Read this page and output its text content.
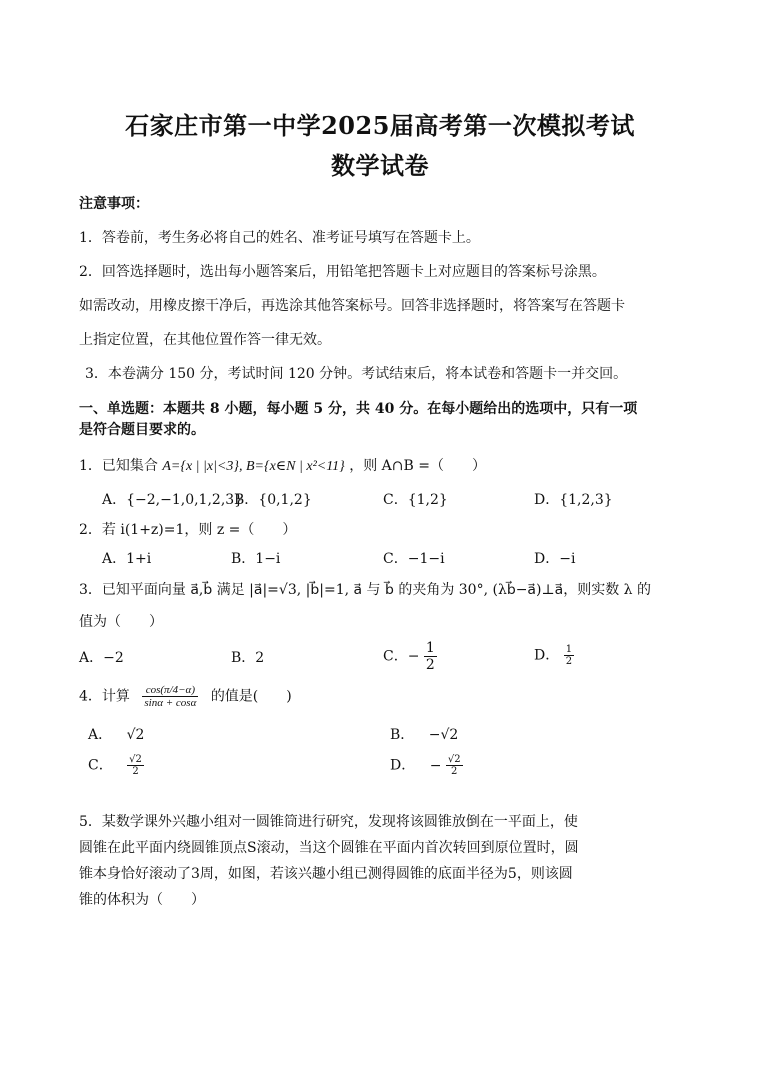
石家庄市第一中学2025届高考第一次模拟考试
数学试卷
注意事项：
1．答卷前，考生务必将自己的姓名、准考证号填写在答题卡上。
2．回答选择题时，选出每小题答案后，用铅笔把答题卡上对应题目的答案标号涂黑。
如需改动，用橡皮擦干净后，再选涂其他答案标号。回答非选择题时，将答案写在答题卡
上指定位置，在其他位置作答一律无效。
3．本卷满分 150 分，考试时间 120 分钟。考试结束后，将本试卷和答题卡一并交回。
一、单选题：本题共 8 小题，每小题 5 分，共 40 分。在每小题给出的选项中，只有一项
是符合题目要求的。
1．已知集合 A={x | |x|<3}, B={x∈N | x²<11} ，则 A∩B =（　　）
A．{−2,−1,0,1,2,3}
B．{0,1,2}	C．{1,2}	D．{1,2,3}
2．若 i(1+z)=1，则 z =（　　）
A．1+i	B．1−i	C．−1−i	D．−i
3．已知平面向量 a⃗,b⃗ 满足 |a⃗|=√3, |b⃗|=1, a⃗ 与 b⃗ 的夹角为 30°, (λb⃗−a⃗)⊥a⃗，则实数 λ 的
值为（　　）
A．−2	B．2	C．− $\frac{1}{2}$	D． $\frac{1}{2}$
4．计算 $\frac{\cos(\pi/4-\alpha)}{\sin\alpha + \cos\alpha}$ 的值是(　　)
A． √2	B． −√2
C． $\frac{√2}{2}$	D． − $\frac{√2}{2}$
5．某数学课外兴趣小组对一圆锥筒进行研究，发现将该圆锥放倒在一平面上，使
圆锥在此平面内绕圆锥顶点S滚动，当这个圆锥在平面内首次转回到原位置时，圆
锥本身恰好滚动了3周，如图，若该兴趣小组已测得圆锥的底面半径为5，则该圆
锥的体积为（　　）
